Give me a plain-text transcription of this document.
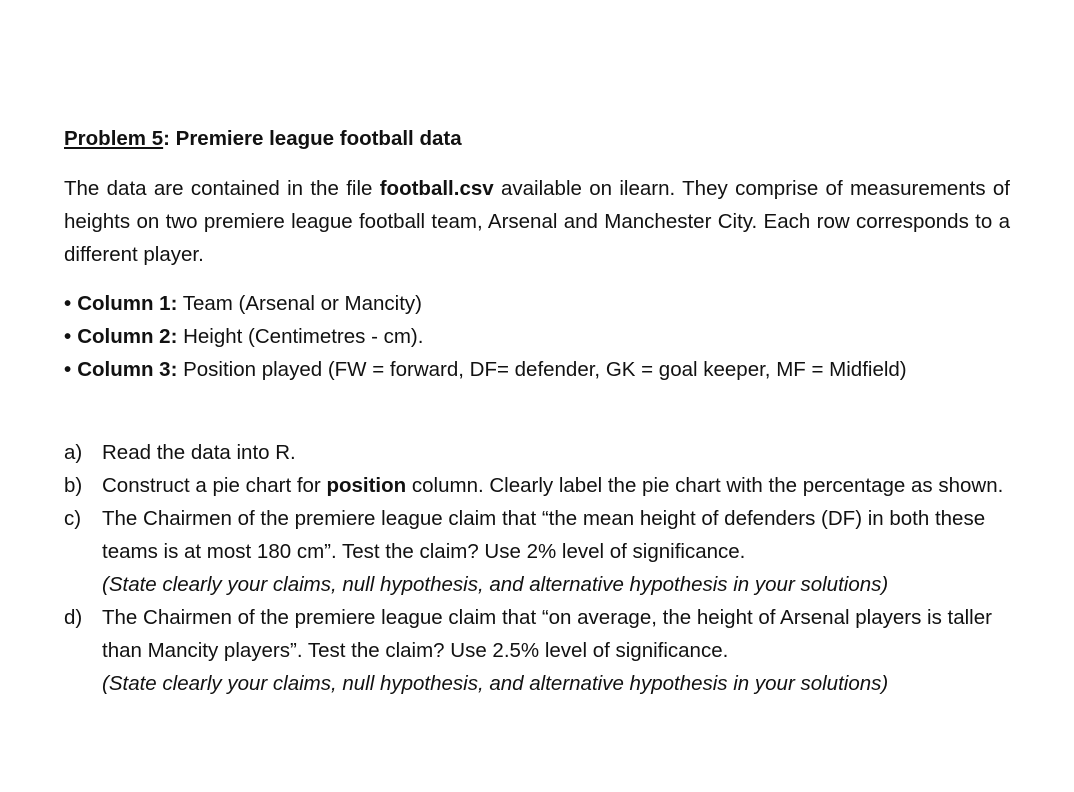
Problem 5: Premiere league football data

The data are contained in the file football.csv available on ilearn. They comprise of measurements of heights on two premiere league football team, Arsenal and Manchester City. Each row corresponds to a different player.

• Column 1: Team (Arsenal or Mancity)
• Column 2: Height (Centimetres - cm).
• Column 3: Position played (FW = forward, DF= defender, GK = goal keeper, MF = Midfield)
a) Read the data into R.
b) Construct a pie chart for position column. Clearly label the pie chart with the percentage as shown.
c) The Chairmen of the premiere league claim that “the mean height of defenders (DF) in both these teams is at most 180 cm”. Test the claim? Use 2% level of significance.
(State clearly your claims, null hypothesis, and alternative hypothesis in your solutions)
d) The Chairmen of the premiere league claim that “on average, the height of Arsenal players is taller than Mancity players”. Test the claim? Use 2.5% level of significance.
(State clearly your claims, null hypothesis, and alternative hypothesis in your solutions)
